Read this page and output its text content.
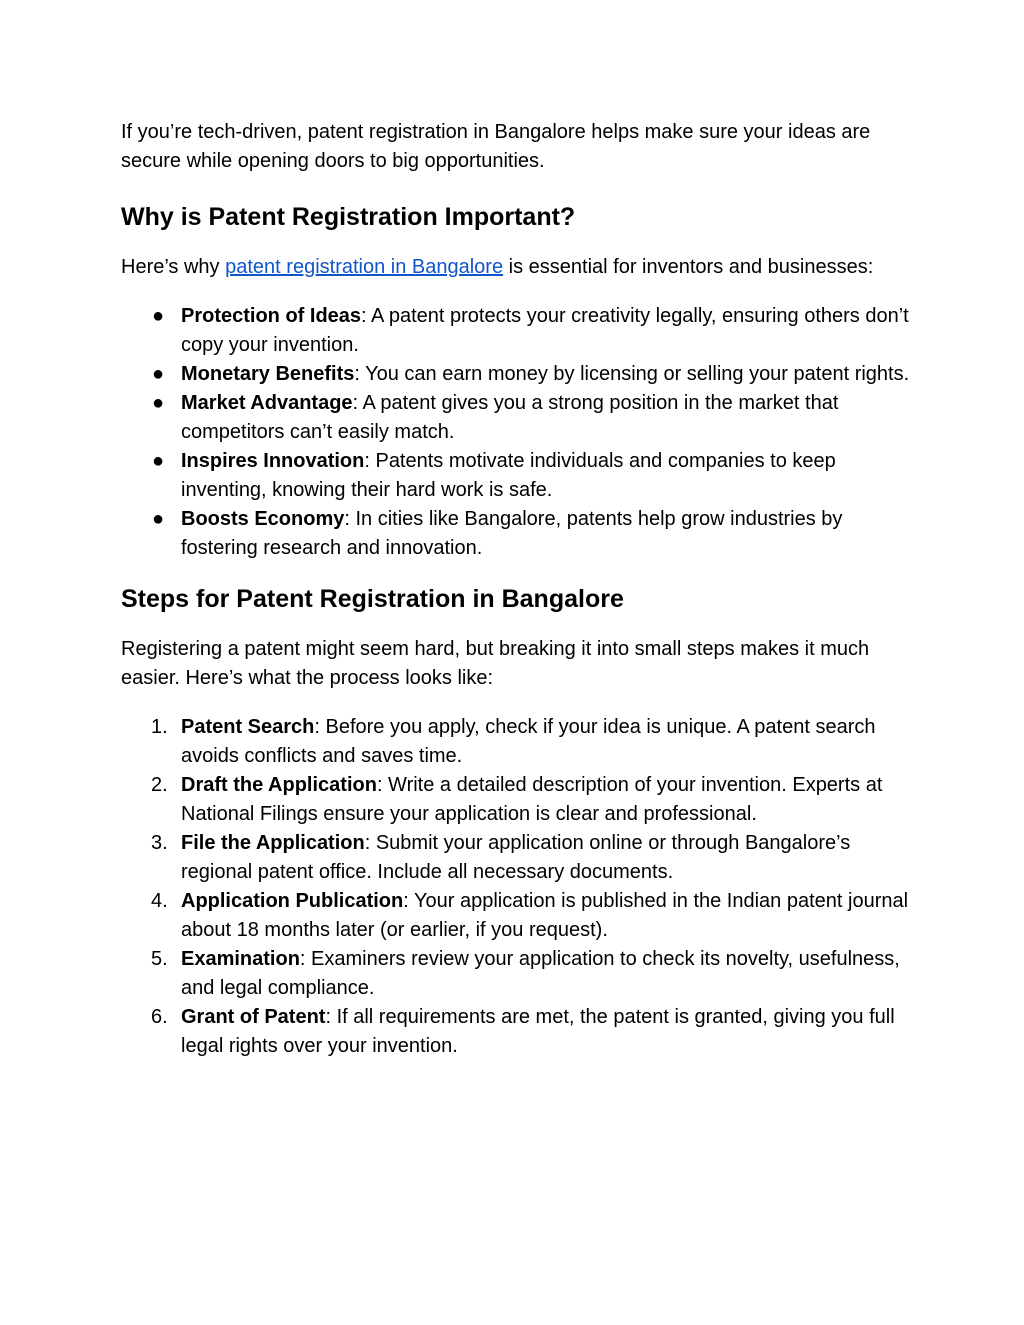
If you’re tech-driven, patent registration in Bangalore helps make sure your ideas are secure while opening doors to big opportunities.

Why is Patent Registration Important?

Here’s why patent registration in Bangalore is essential for inventors and businesses:

● Protection of Ideas: A patent protects your creativity legally, ensuring others don’t copy your invention.
● Monetary Benefits: You can earn money by licensing or selling your patent rights.
● Market Advantage: A patent gives you a strong position in the market that competitors can’t easily match.
● Inspires Innovation: Patents motivate individuals and companies to keep inventing, knowing their hard work is safe.
● Boosts Economy: In cities like Bangalore, patents help grow industries by fostering research and innovation.
Steps for Patent Registration in Bangalore

Registering a patent might seem hard, but breaking it into small steps makes it much easier. Here’s what the process looks like:

1. Patent Search: Before you apply, check if your idea is unique. A patent search avoids conflicts and saves time.
2. Draft the Application: Write a detailed description of your invention. Experts at National Filings ensure your application is clear and professional.
3. File the Application: Submit your application online or through Bangalore’s regional patent office. Include all necessary documents.
4. Application Publication: Your application is published in the Indian patent journal about 18 months later (or earlier, if you request).
5. Examination: Examiners review your application to check its novelty, usefulness, and legal compliance.
6. Grant of Patent: If all requirements are met, the patent is granted, giving you full legal rights over your invention.
